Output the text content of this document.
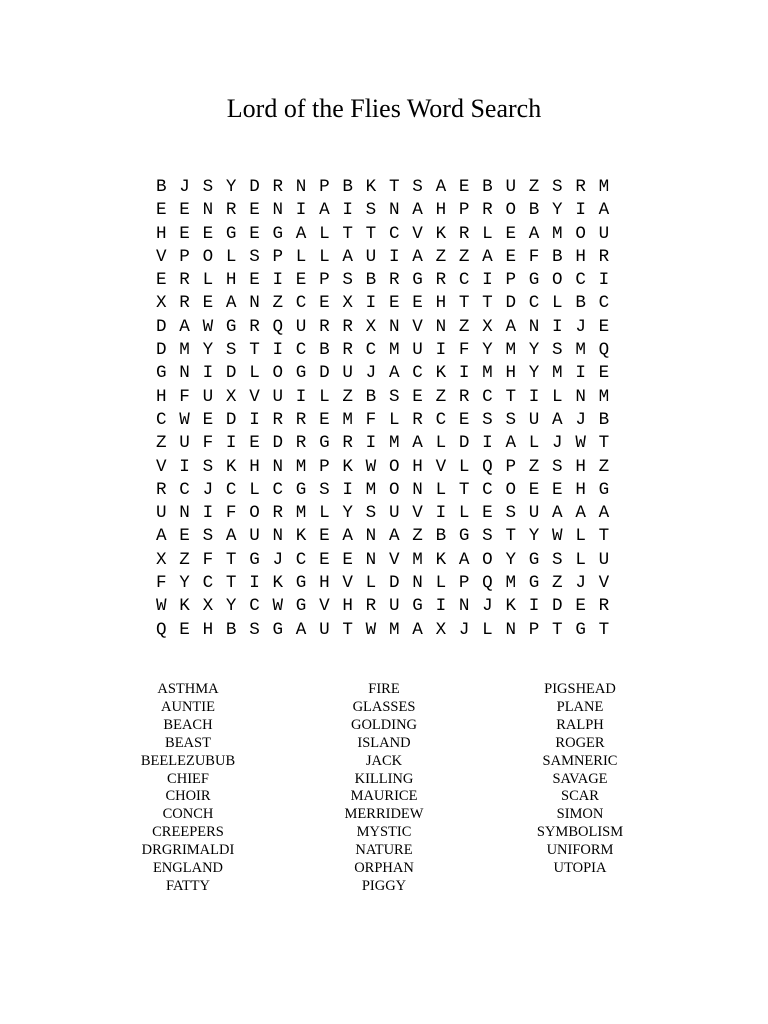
Lord of the Flies Word Search
B J S Y D R N P B K T S A E B U Z S R M
E E N R E N I A I S N A H P R O B Y I A
H E E G E G A L T T C V K R L E A M O U
V P O L S P L L A U I A Z Z A E F B H R
E R L H E I E P S B R G R C I P G O C I
X R E A N Z C E X I E E H T T D C L B C
D A W G R Q U R R X N V N Z X A N I J E
D M Y S T I C B R C M U I F Y M Y S M Q
G N I D L O G D U J A C K I M H Y M I E
H F U X V U I L Z B S E Z R C T I L N M
C W E D I R R E M F L R C E S S U A J B
Z U F I E D R G R I M A L D I A L J W T
V I S K H N M P K W O H V L Q P Z S H Z
R C J C L C G S I M O N L T C O E E H G
U N I F O R M L Y S U V I L E S U A A A
A E S A U N K E A N A Z B G S T Y W L T
X Z F T G J C E E N V M K A O Y G S L U
F Y C T I K G H V L D N L P Q M G Z J V
W K X Y C W G V H R U G I N J K I D E R
Q E H B S G A U T W M A X J L N P T G T
ASTHMA
AUNTIE
BEACH
BEAST
BEELEZUBUB
CHIEF
CHOIR
CONCH
CREEPERS
DRGRIMALDI
ENGLAND
FATTY
FIRE
GLASSES
GOLDING
ISLAND
JACK
KILLING
MAURICE
MERRIDEW
MYSTIC
NATURE
ORPHAN
PIGGY
PIGSHEAD
PLANE
RALPH
ROGER
SAMNERIC
SAVAGE
SCAR
SIMON
SYMBOLISM
UNIFORM
UTOPIA
